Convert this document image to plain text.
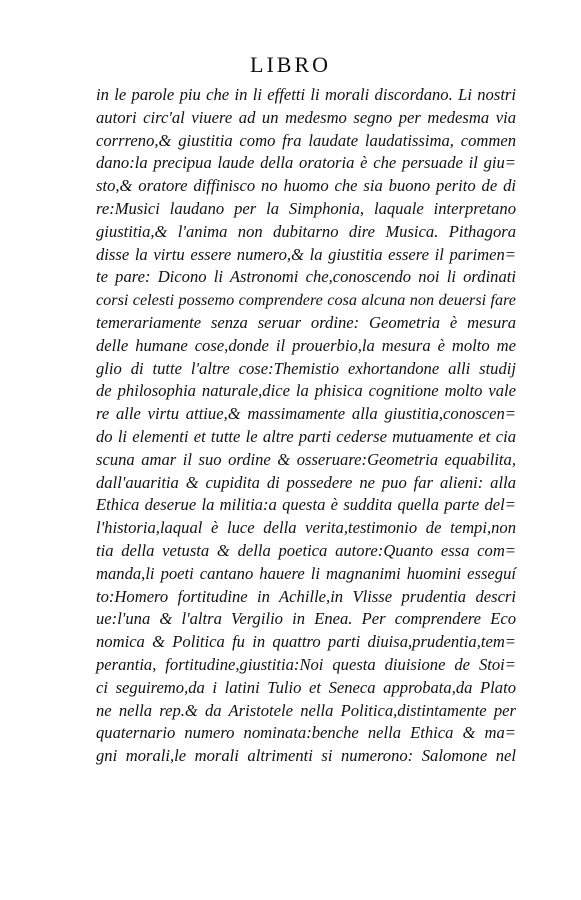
LIBRO
in le parole piu che in li effetti li morali discordano. Li nostri
autori circ'al viuere ad un medesmo segno per medesma via
corrreno,& giustitia como fra laudate laudatissima, commen
dano:la precipua laude della oratoria è che persuade il giu=
sto,& oratore diffinisco no huomo che sia buono perito de di
re:Musici laudano per la Simphonia, laquale interpretano
giustitia,& l'anima non dubitarno dire Musica. Pithagora
disse la virtu essere numero,& la giustitia essere il parimen=
te pare: Dicono li Astronomi che,conoscendo noi li ordinati
corsi celesti possemo comprendere cosa alcuna non deuersi fare
temerariamente senza seruar ordine: Geometria è mesura
delle humane cose,donde il prouerbio,la mesura è molto me
glio di tutte l'altre cose:Themistio exhortandone alli studij
de philosophia naturale,dice la phisica cognitione molto vale
re alle virtu attiue,& massimamente alla giustitia,conoscen=
do li elementi et tutte le altre parti cederse mutuamente et cia
scuna amar il suo ordine & osseruare:Geometria equabilita,
dall'auaritia & cupidita di possedere ne puo far alieni: alla
Ethica deserue la militia:a questa è suddita quella parte del=
l'historia,laqual è luce della verita,testimonio de tempi,non
tia della vetusta & della poetica autore:Quanto essa com=
manda,li poeti cantano hauere li magnanimi huomini esseguí
to:Homero fortitudine in Achille,in Vlisse prudentia descri
ue:l'una & l'altra Vergilio in Enea. Per comprendere Eco
nomica & Politica fu in quattro parti diuisa,prudentia,tem=
perantia, fortitudine,giustitia:Noi questa diuisione de Stoi=
ci seguiremo,da i latini Tulio et Seneca approbata,da Plato
ne nella rep.& da Aristotele nella Politica,distintamente per
quaternario numero nominata:benche nella Ethica & ma=
gni morali,le morali altrimenti si numerono: Salomone nel
